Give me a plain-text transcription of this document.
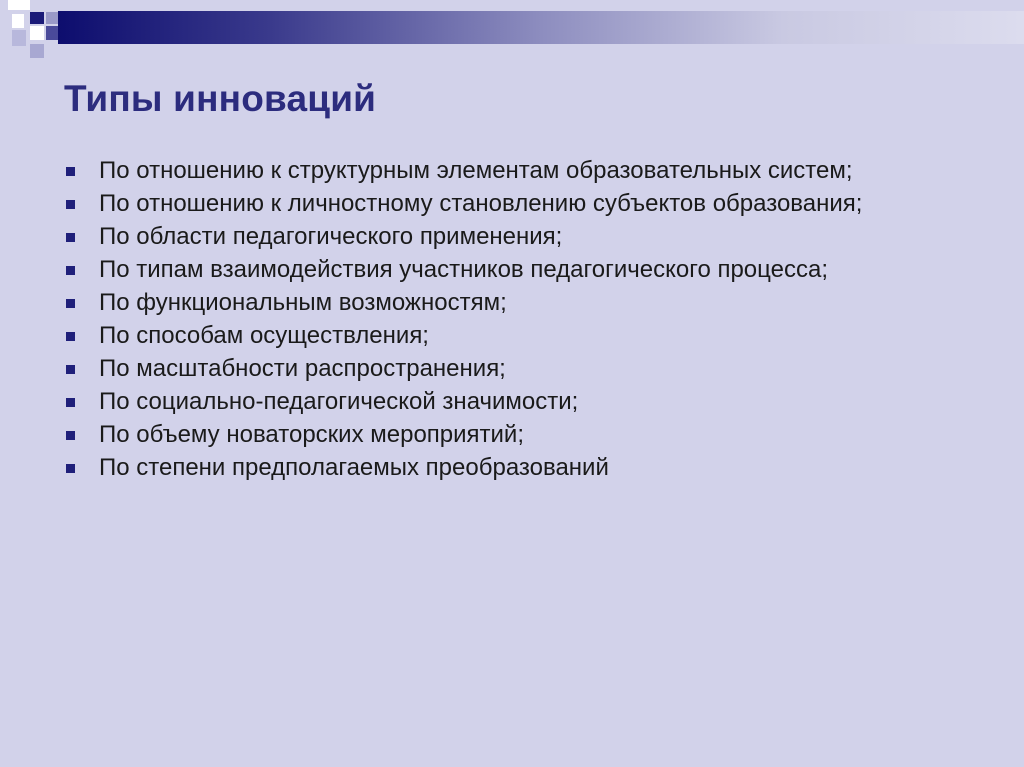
Типы инноваций
По отношению к структурным элементам образовательных систем;
По отношению к личностному становлению субъектов образования;
По области педагогического применения;
По типам взаимодействия участников педагогического процесса;
По функциональным возможностям;
По способам осуществления;
По масштабности распространения;
По социально-педагогической значимости;
По объему новаторских мероприятий;
По степени предполагаемых преобразований
